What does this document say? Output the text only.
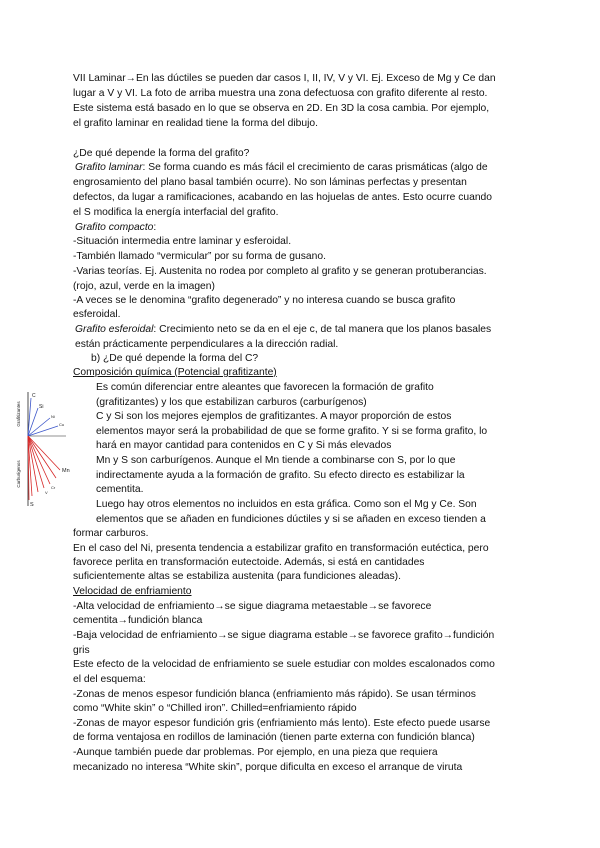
VII Laminar→En las dúctiles se pueden dar casos I, II, IV, V y VI. Ej. Exceso de Mg y Ce dan
lugar a V y VI. La foto de arriba muestra una zona defectuosa con grafito diferente al resto.
Este sistema está basado en lo que se observa en 2D. En 3D la cosa cambia. Por ejemplo,
el grafito laminar en realidad tiene la forma del dibujo.
¿De qué depende la forma del grafito?
Grafito laminar: Se forma cuando es más fácil el crecimiento de caras prismáticas (algo de
engrosamiento del plano basal también ocurre). No son láminas perfectas y presentan
defectos, da lugar a ramificaciones, acabando en las hojuelas de antes. Esto ocurre cuando
el S modifica la energía interfacial del grafito.
Grafito compacto:
-Situación intermedia entre laminar y esferoidal.
-También llamado “vermicular” por su forma de gusano.
-Varias teorías. Ej. Austenita no rodea por completo al grafito y se generan protuberancias.
(rojo, azul, verde en la imagen)
-A veces se le denomina “grafito degenerado” y no interesa cuando se busca grafito
esferoidal.
Grafito esferoidal: Crecimiento neto se da en el eje c, de tal manera que los planos basales
están prácticamente perpendiculares a la dirección radial.
b) ¿De qué depende la forma del C?
Composición química (Potencial grafitizante)
Es común diferenciar entre aleantes que favorecen la formación de grafito
(grafitizantes) y los que estabilizan carburos (carburígenos)
C y Si son los mejores ejemplos de grafitizantes. A mayor proporción de estos
elementos mayor será la probabilidad de que se forme grafito. Y si se forma grafito, lo
hará en mayor cantidad para contenidos en C y Si más elevados
Mn y S son carburígenos. Aunque el Mn tiende a combinarse con S, por lo que
indirectamente ayuda a la formación de grafito. Su efecto directo es estabilizar la
cementita.
Luego hay otros elementos no incluidos en esta gráfica. Como son el Mg y Ce. Son
elementos que se añaden en fundiciones dúctiles y si se añaden en exceso tienden a
formar carburos.
En el caso del Ni, presenta tendencia a estabilizar grafito en transformación eutéctica, pero
favorece perlita en transformación eutectoide. Además, si está en cantidades
suficientemente altas se estabiliza austenita (para fundiciones aleadas).
Velocidad de enfriamiento
-Alta velocidad de enfriamiento→se sigue diagrama metaestable→se favorece
cementita→fundición blanca
-Baja velocidad de enfriamiento→se sigue diagrama estable→se favorece grafito→fundición
gris
Este efecto de la velocidad de enfriamiento se suele estudiar con moldes escalonados como
el del esquema:
-Zonas de menos espesor fundición blanca (enfriamiento más rápido). Se usan términos
como “White skin” o “Chilled iron”. Chilled=enfriamiento rápido
-Zonas de mayor espesor fundición gris (enfriamiento más lento). Este efecto puede usarse
de forma ventajosa en rodillos de laminación (tienen parte externa con fundición blanca)
-Aunque también puede dar problemas. Por ejemplo, en una pieza que requiera
mecanizado no interesa “White skin”, porque dificulta en exceso el arranque de viruta
Grafitizantes
Carburígenos
C
Si
Ni
Cu
Mn
Cr
V
S
